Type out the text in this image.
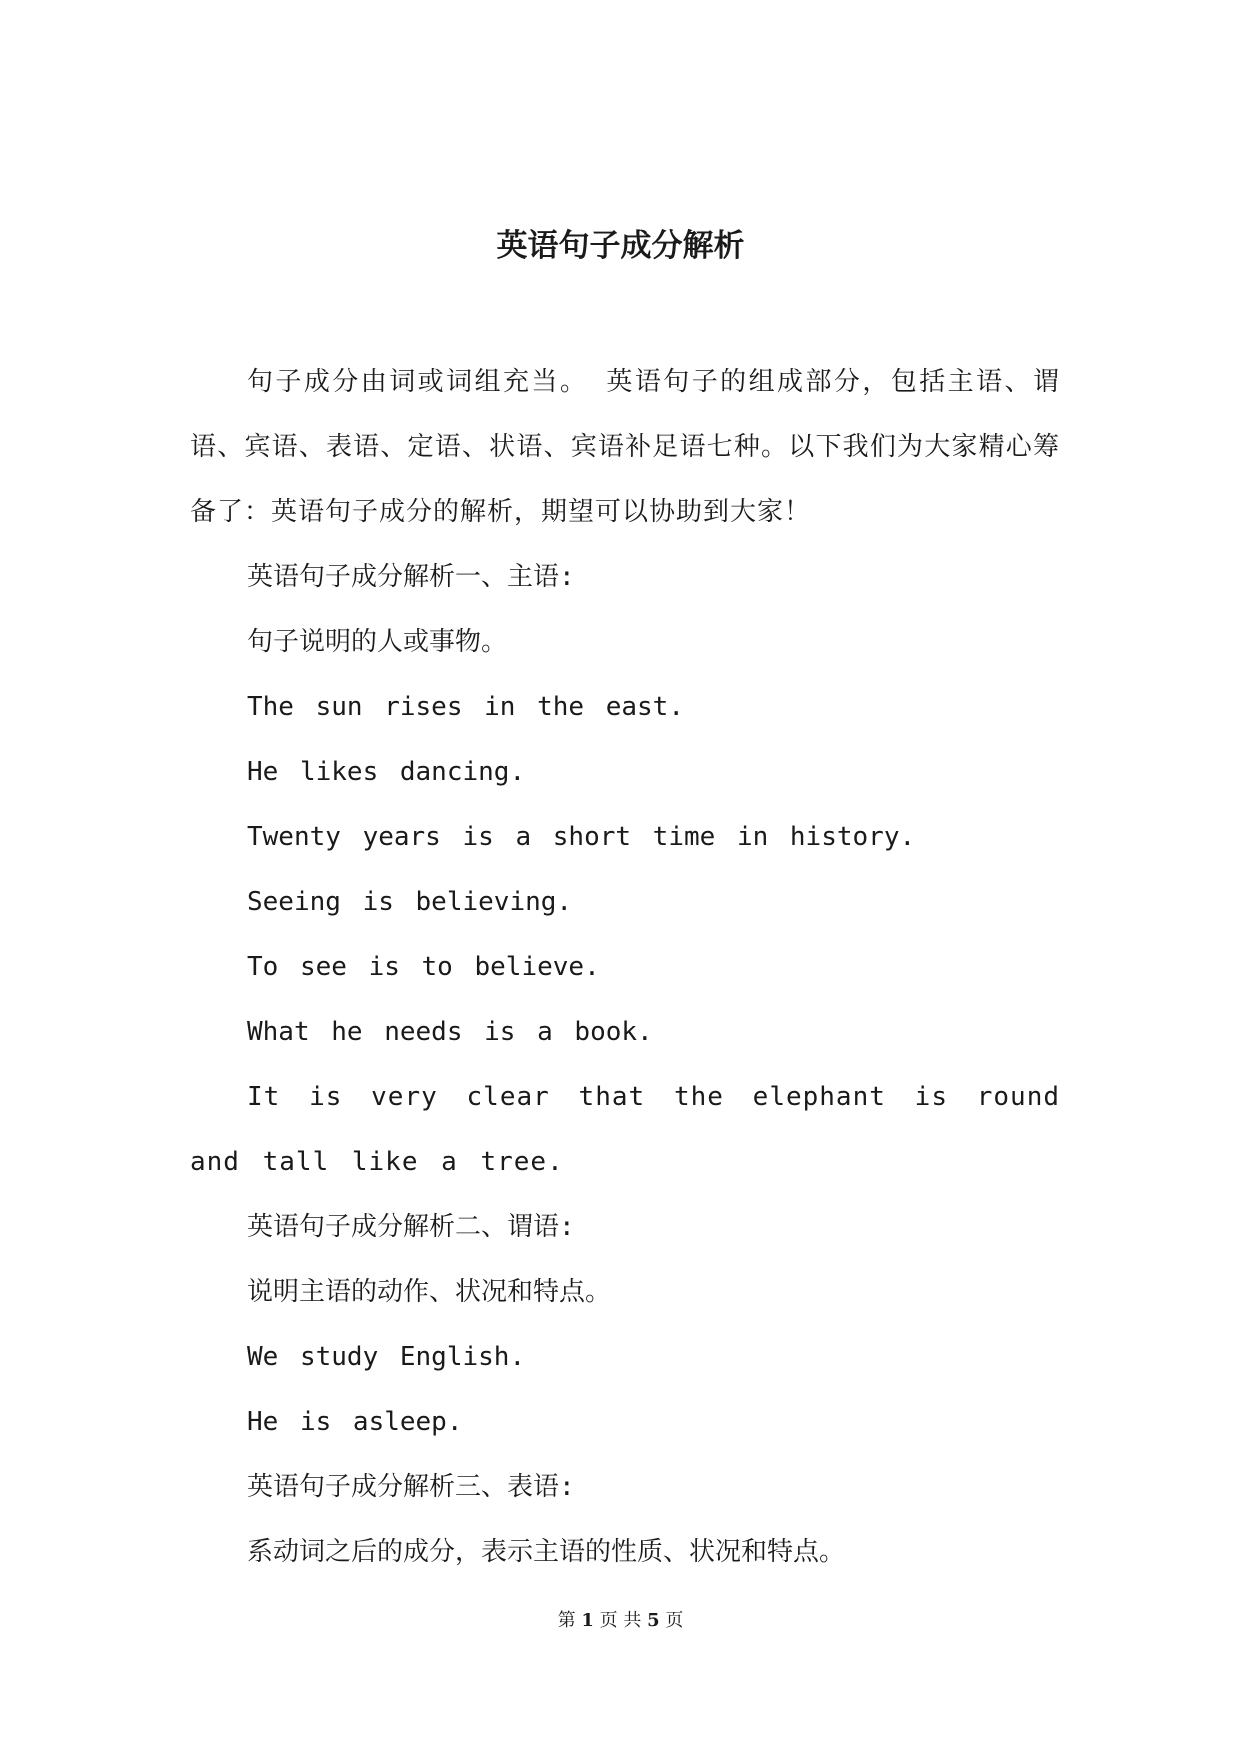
英语句子成分解析

句子成分由词或词组充当。 英语句子的组成部分，包括主语、谓语、宾语、表语、定语、状语、宾语补足语七种。以下我们为大家精心筹备了：英语句子成分的解析，期望可以协助到大家！

英语句子成分解析一、主语:

句子说明的人或事物。

The sun rises in the east.

He likes dancing.

Twenty years is a short time in history.

Seeing is believing.

To see is to believe.

What he needs is a book.

It is very clear that the elephant is round and tall like a tree.

英语句子成分解析二、谓语:

说明主语的动作、状况和特点。

We study English.

He is asleep.

英语句子成分解析三、表语:

系动词之后的成分，表示主语的性质、状况和特点。

第 1 页 共 5 页
